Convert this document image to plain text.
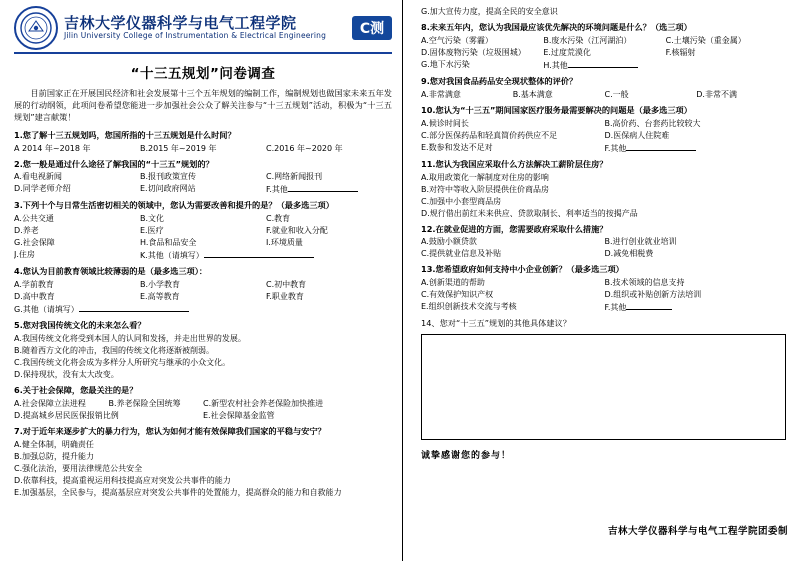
吉林大学仪器科学与电气工程学院
Jilin University College of Instrumentation & Electrical Engineering	C测
“十三五规划”问卷调查
目前国家正在开展国民经济和社会发展第十三个五年规划的编制工作，编制规划也做国家未来五年发展的行动纲领，此项问卷希望您能进一步加强社会公众了解关注参与“十三五规划”活动，积极为“十三五规划”建言献策！
1.您了解十三五规划吗，您国所指的十三五规划是什么时间？
A 2014 年~2018 年	B.2015 年~2019 年	C.2016 年~2020 年
2.您一般是通过什么途径了解我国的“十三五”规划的？
A.看电视新闻	B.报刊政策宣传	C.网络新闻报刊
D.同学老师介绍	E.切问政府网站	F.其他
3.下列十个与日常生活密切相关的领域中，您认为需要改善和提升的是？（最多选三项）
A.公共交通	B.文化	C.教育
D.养老	E.医疗	F.就业和收入分配
G.社会保障	H.食品和品安全	I.环境质量
J.住房	K.其他（请填写）
4.您认为目前教育领域比较薄弱的是（最多选三项）：
A.学前教育	B.小学教育	C.初中教育
D.高中教育	E.高等教育	F.职业教育
G.其他（请填写）
5.您对我国传统文化的未来怎么看？
A.我国传统文化将受到本国人的认同和发扬，并走出世界的发展。
B.随着西方文化的冲击，我国的传统文化将逐渐被削弱。
C.我国传统文化将会成为多样分人所研究与继承的小众文化。
D.保持现状，没有太大改变。
6.关于社会保障，您最关注的是？
A.社会保障立法进程	B.养老保险全国统筹	C.新型农村社会养老保险加快推进
D.提高城乡居民医保报销比例	E.社会保障基金监管
7.对于近年来逐步扩大的暴力行为，您认为如何才能有效保障我们国家的平稳与安宁？
A.健全体制，明确责任
B.加强总防，提升能力
C.强化法治，要用法律规范公共安全
D.依靠科技，提高重视运用科技提高应对突发公共事件的能力
E.加强基层，全民参与，提高基层应对突发公共事件的处置能力，提高群众的能力和自救能力
G.加大宣传力度，提高全民的安全意识
8.未来五年内，您认为我国最应该优先解决的环境问题是什么？（选三项）
A.空气污染（雾霾）	B.废水污染（江河湖泊）	C.土壤污染（重金属）
D.固体废物污染（垃圾围城）	E.过度荒漠化	F.核辐射
G.地下水污染	H.其他
9.您对我国食品药品安全现状整体的评价？
A.非常满意	B.基本满意	C.一般	D.非常不满
10.您认为“十三五”期间国家医疗服务最需要解决的问题是（最多选三项）
A.候诊时间长	B.高价药、台套药比较较大
C.部分医保药品和轻真简价药供应不足	D.医保病人住院难
E.数参和发达不足对	F.其他
11.您认为我国应采取什么方法解决工薪阶层住房？
A.取用政策化一解制度对住房的影响
B.对符中等收入阶层提供住价商品房
C.加强中小套型商品房
D.规行借出前红米来供应、贷款取制长、利率适当的按揭产品
12.在就业促进的方面，您需要政府采取什么措施？
A.鼓励小额贷款	B.进行创业就业培训
C.提供就业信息及补贴	D.减免相税费
13.您希望政府如何支持中小企业创新？（最多选三项）
A.创新渠道的帮助	B.技术领域的信息支持
C.有效保护知识产权	D.组织或补贴创新方法培训
E.组织创新技术交流与考核	F.其他
14、您对“十三五”规划的其他具体建议？
诚挚感谢您的参与！
吉林大学仪器科学与电气工程学院团委制
